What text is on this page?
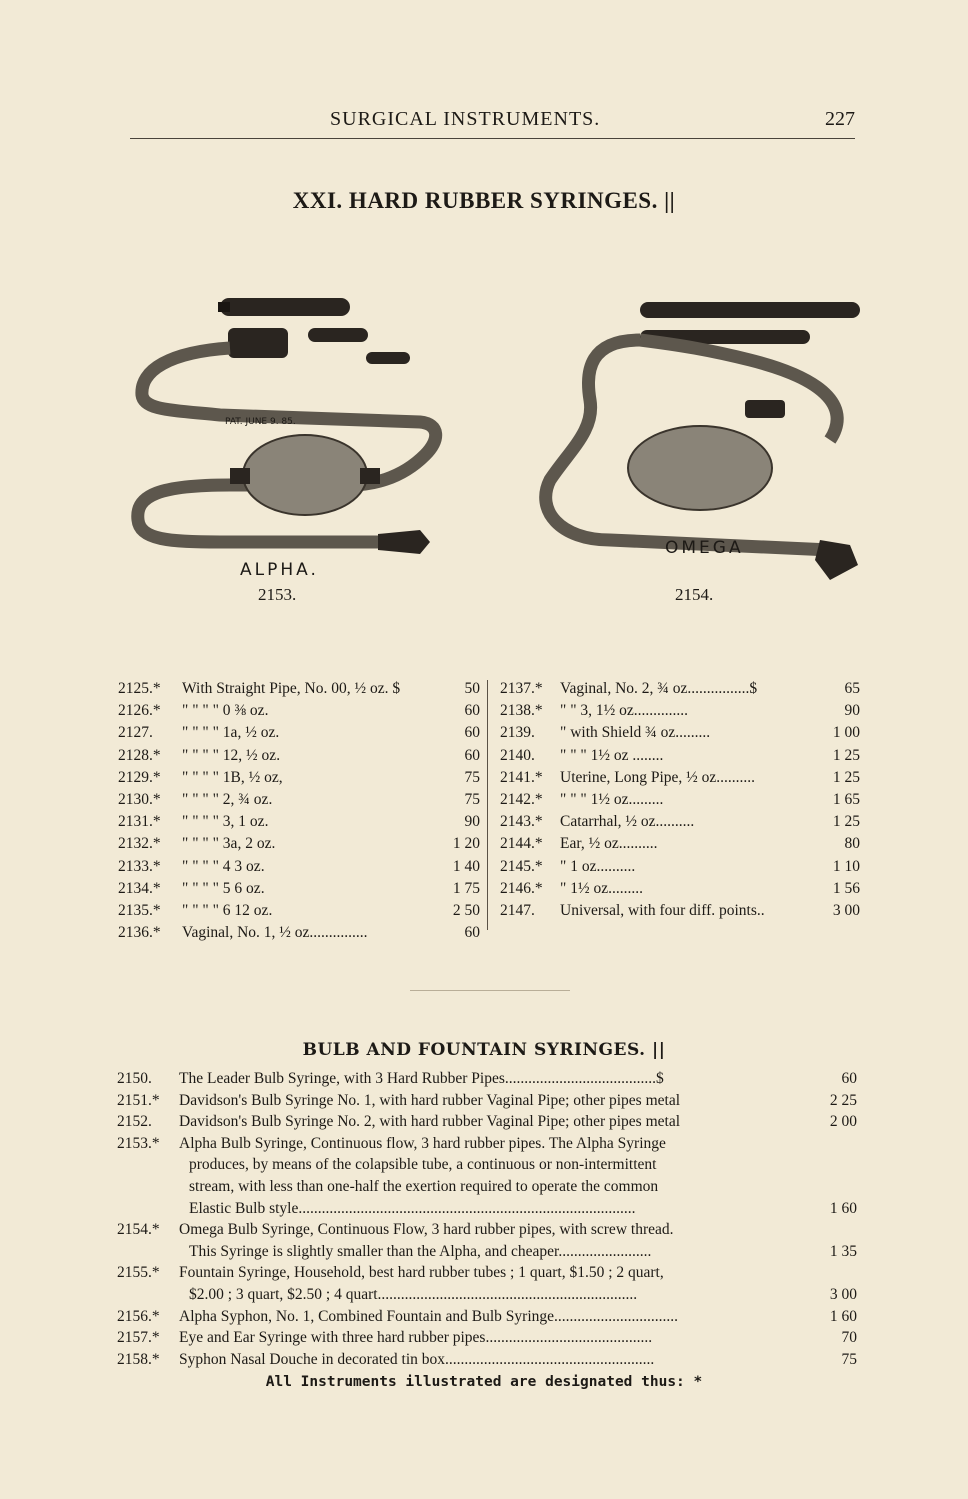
SURGICAL INSTRUMENTS.	227
XXI. HARD RUBBER SYRINGES. ||
PAT. JUNE 9. 85.
ALPHA.
2153.
OMEGA
2154.
2125.* With Straight Pipe, No. 00, ½ oz. $	50
2126.* " " " " 0 ⅜ oz.	60
2127. " " " " 1a, ½ oz.	60
2128.* " " " " 12, ½ oz.	60
2129.* " " " " 1B, ½ oz,	75
2130.* " " " " 2, ¾ oz.	75
2131.* " " " " 3, 1 oz.	90
2132.* " " " " 3a, 2 oz.	1 20
2133.* " " " " 4 3 oz.	1 40
2134.* " " " " 5 6 oz.	1 75
2135.* " " " " 6 12 oz.	2 50
2136.* Vaginal, No. 1, ½ oz...............	60
2137.* Vaginal, No. 2, ¾ oz................$	65
2138.* " " 3, 1½ oz..............	90
2139. " with Shield ¾ oz.........	1 00
2140. " " " 1½ oz ........	1 25
2141.* Uterine, Long Pipe, ½ oz..........	1 25
2142.* " " " 1½ oz.........	1 65
2143.* Catarrhal, ½ oz..........	1 25
2144.* Ear, ½ oz..........	80
2145.* " 1 oz..........	1 10
2146.* " 1½ oz.........	1 56
2147. Universal, with four diff. points..	3 00
BULB AND FOUNTAIN SYRINGES. ||
2150. The Leader Bulb Syringe, with 3 Hard Rubber Pipes.......................................$	60
2151.* Davidson's Bulb Syringe No. 1, with hard rubber Vaginal Pipe; other pipes metal	2 25
2152. Davidson's Bulb Syringe No. 2, with hard rubber Vaginal Pipe; other pipes metal	2 00
2153.* Alpha Bulb Syringe, Continuous flow, 3 hard rubber pipes. The Alpha Syringe
produces, by means of the colapsible tube, a continuous or non-intermittent
stream, with less than one-half the exertion required to operate the common
Elastic Bulb style.......................................................................................	1 60
2154.* Omega Bulb Syringe, Continuous Flow, 3 hard rubber pipes, with screw thread.
This Syringe is slightly smaller than the Alpha, and cheaper........................	1 35
2155.* Fountain Syringe, Household, best hard rubber tubes ; 1 quart, $1.50 ; 2 quart,
$2.00 ; 3 quart, $2.50 ; 4 quart...................................................................	3 00
2156.* Alpha Syphon, No. 1, Combined Fountain and Bulb Syringe................................	1 60
2157.* Eye and Ear Syringe with three hard rubber pipes...........................................	70
2158.* Syphon Nasal Douche in decorated tin box......................................................	75
All Instruments illustrated are designated thus: *
